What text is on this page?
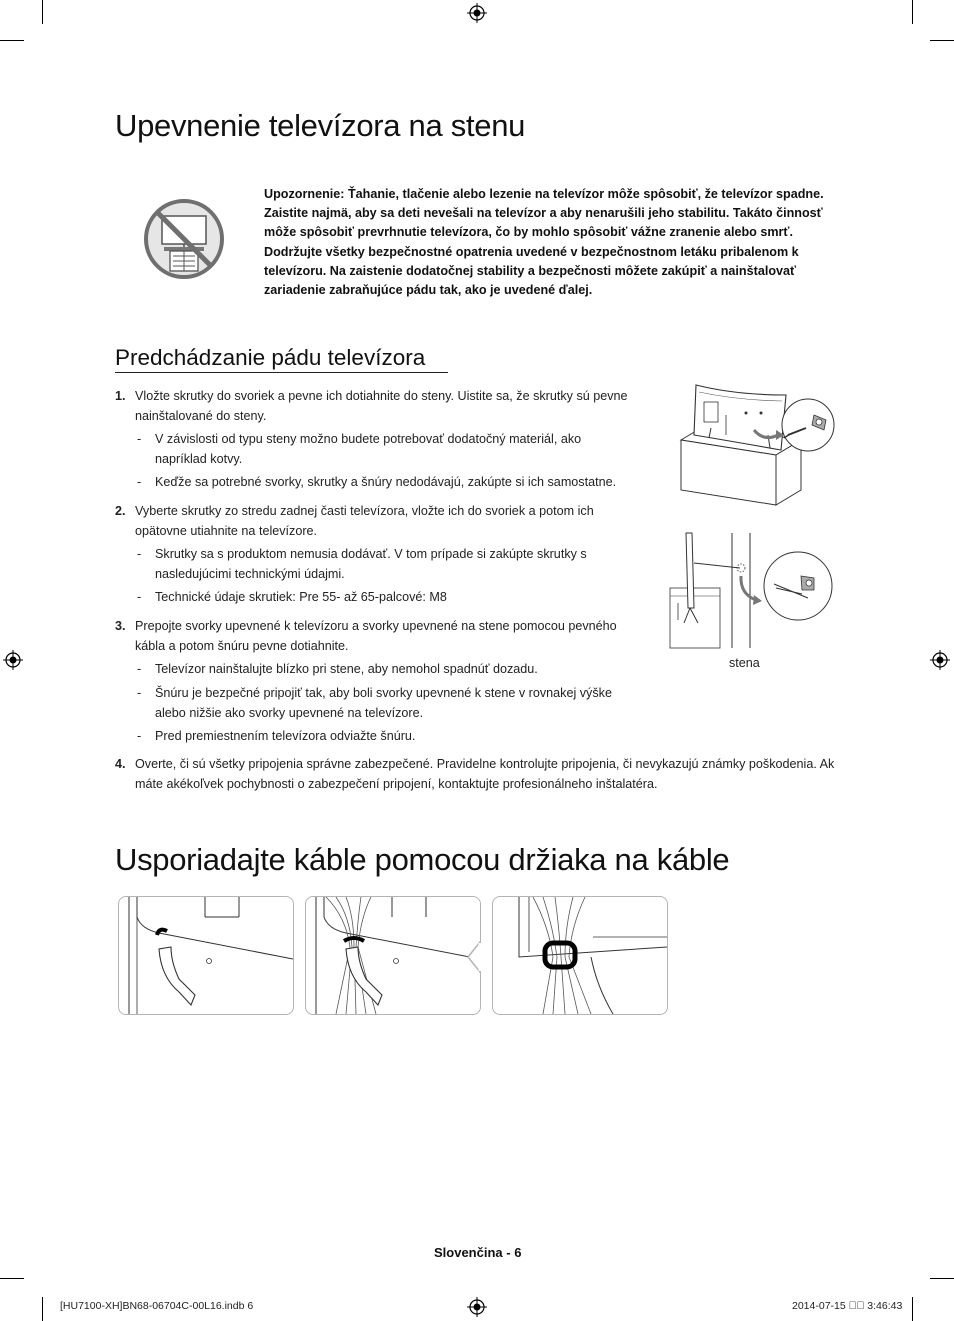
Upevnenie televízora na stenu
Upozornenie: Ťahanie, tlačenie alebo lezenie na televízor môže spôsobiť, že televízor spadne. Zaistite najmä, aby sa deti nevešali na televízor a aby nenarušili jeho stabilitu. Takáto činnosť môže spôsobiť prevrhnutie televízora, čo by mohlo spôsobiť vážne zranenie alebo smrť. Dodržujte všetky bezpečnostné opatrenia uvedené v bezpečnostnom letáku pribalenom k televízoru. Na zaistenie dodatočnej stability a bezpečnosti môžete zakúpiť a nainštalovať zariadenie zabraňujúce pádu tak, ako je uvedené ďalej.
Predchádzanie pádu televízora
1. Vložte skrutky do svoriek a pevne ich dotiahnite do steny. Uistite sa, že skrutky sú pevne nainštalované do steny.
- V závislosti od typu steny možno budete potrebovať dodatočný materiál, ako napríklad kotvy.
- Keďže sa potrebné svorky, skrutky a šnúry nedodávajú, zakúpte si ich samostatne.
2. Vyberte skrutky zo stredu zadnej časti televízora, vložte ich do svoriek a potom ich opätovne utiahnite na televízore.
- Skrutky sa s produktom nemusia dodávať. V tom prípade si zakúpte skrutky s nasledujúcimi technickými údajmi.
- Technické údaje skrutiek: Pre 55- až 65-palcové: M8
3. Prepojte svorky upevnené k televízoru a svorky upevnené na stene pomocou pevného kábla a potom šnúru pevne dotiahnite.
- Televízor nainštalujte blízko pri stene, aby nemohol spadnúť dozadu.
- Šnúru je bezpečné pripojiť tak, aby boli svorky upevnené k stene v rovnakej výške alebo nižšie ako svorky upevnené na televízore.
- Pred premiestnením televízora odviažte šnúru.
4. Overte, či sú všetky pripojenia správne zabezpečené. Pravidelne kontrolujte pripojenia, či nevykazujú známky poškodenia. Ak máte akékoľvek pochybnosti o zabezpečení pripojení, kontaktujte profesionálneho inštalatéra.
stena
Usporiadajte káble pomocou držiaka na káble
Slovenčina - 6
[HU7100-XH]BN68-06704C-00L16.indb 6	2014-07-15 ￿￿ 3:46:43
